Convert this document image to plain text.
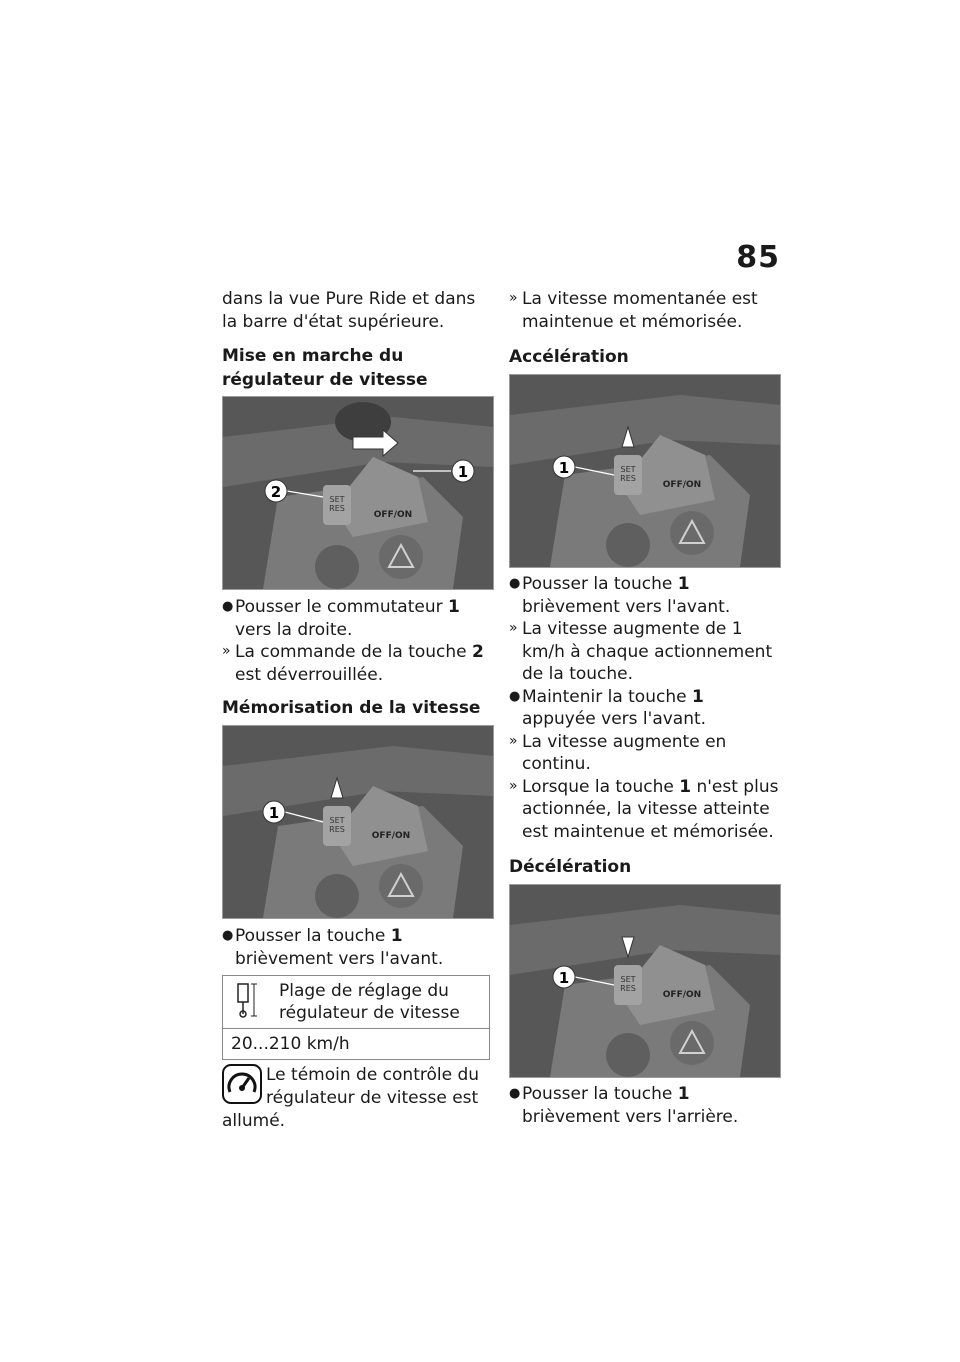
85

dans la vue Pure Ride et dans la barre d'état supérieure.

Mise en marche du régulateur de vitesse
SET
RES
OFF/ON
1
2
● Pousser le commutateur 1 vers la droite.
» La commande de la touche 2 est déverrouillée.
Mémorisation de la vitesse
SET
RES
OFF/ON
1
● Pousser la touche 1 brièvement vers l'avant.
	Plage de réglage du régulateur de vitesse
20...210 km/h
Le témoin de contrôle du
régulateur de vitesse est
allumé.
» La vitesse momentanée est maintenue et mémorisée.
Accélération
SET
RES
OFF/ON
1
● Pousser la touche 1 brièvement vers l'avant.
» La vitesse augmente de 1 km/h à chaque actionnement de la touche.
● Maintenir la touche 1 appuyée vers l'avant.
» La vitesse augmente en continu.
» Lorsque la touche 1 n'est plus actionnée, la vitesse atteinte est maintenue et mémorisée.
Décélération
SET
RES
OFF/ON
1
● Pousser la touche 1 brièvement vers l'arrière.
